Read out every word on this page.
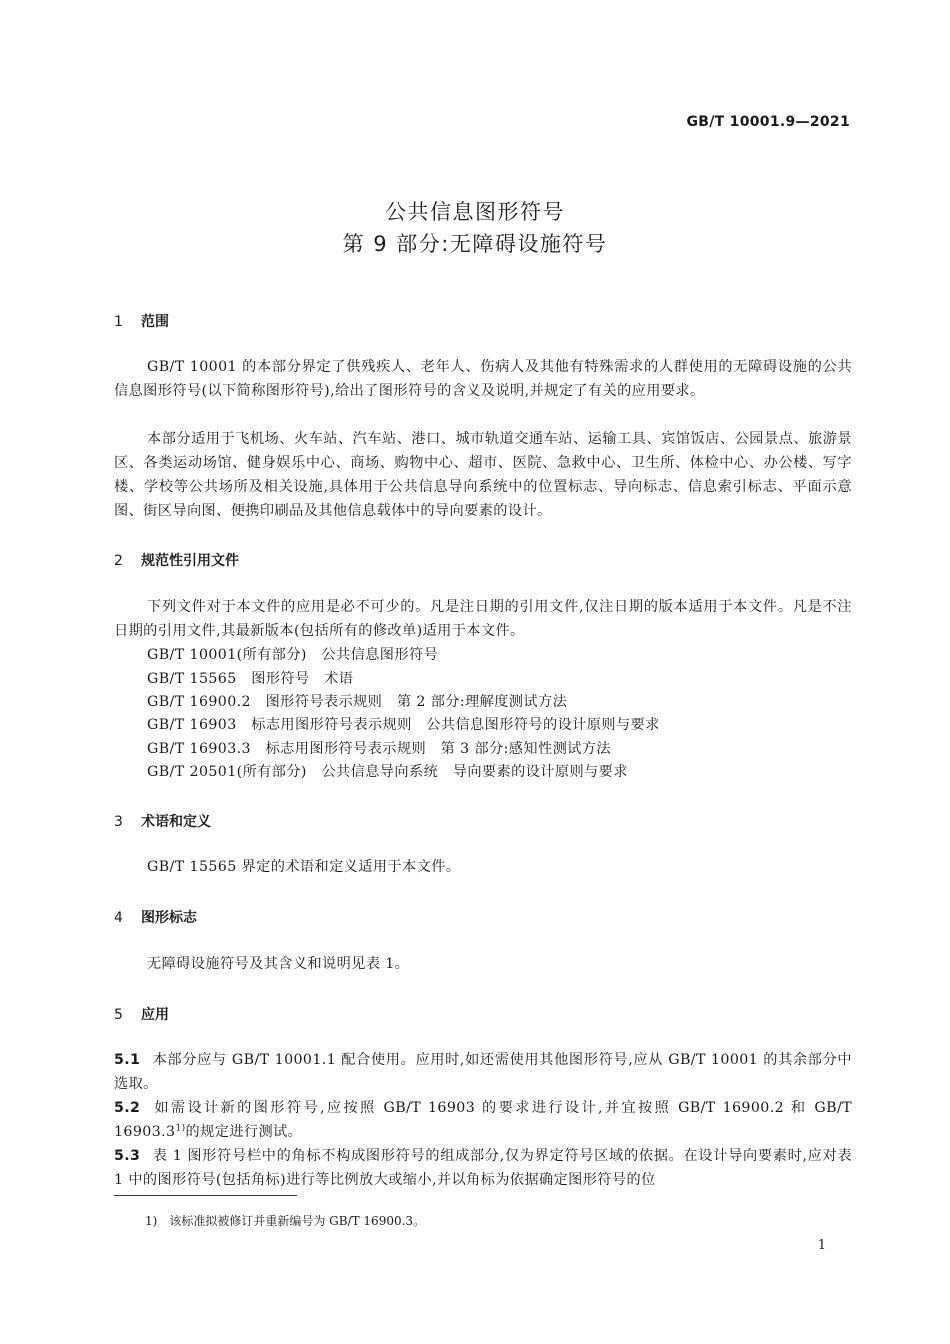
GB/T 10001.9—2021
公共信息图形符号
第 9 部分:无障碍设施符号
1 范围
GB/T 10001 的本部分界定了供残疾人、老年人、伤病人及其他有特殊需求的人群使用的无障碍设施的公共信息图形符号(以下简称图形符号),给出了图形符号的含义及说明,并规定了有关的应用要求。
本部分适用于飞机场、火车站、汽车站、港口、城市轨道交通车站、运输工具、宾馆饭店、公园景点、旅游景区、各类运动场馆、健身娱乐中心、商场、购物中心、超市、医院、急救中心、卫生所、体检中心、办公楼、写字楼、学校等公共场所及相关设施,具体用于公共信息导向系统中的位置标志、导向标志、信息索引标志、平面示意图、街区导向图、便携印刷品及其他信息载体中的导向要素的设计。
2 规范性引用文件
下列文件对于本文件的应用是必不可少的。凡是注日期的引用文件,仅注日期的版本适用于本文件。凡是不注日期的引用文件,其最新版本(包括所有的修改单)适用于本文件。
GB/T 10001(所有部分)　公共信息图形符号
GB/T 15565　图形符号　术语
GB/T 16900.2　图形符号表示规则　第 2 部分:理解度测试方法
GB/T 16903　标志用图形符号表示规则　公共信息图形符号的设计原则与要求
GB/T 16903.3　标志用图形符号表示规则　第 3 部分:感知性测试方法
GB/T 20501(所有部分)　公共信息导向系统　导向要素的设计原则与要求
3 术语和定义
GB/T 15565 界定的术语和定义适用于本文件。
4 图形标志
无障碍设施符号及其含义和说明见表 1。
5 应用
5.1 本部分应与 GB/T 10001.1 配合使用。应用时,如还需使用其他图形符号,应从 GB/T 10001 的其余部分中选取。
5.2 如需设计新的图形符号,应按照 GB/T 16903 的要求进行设计,并宜按照 GB/T 16900.2 和 GB/T 16903.3$^{1)}$的规定进行测试。
5.3 表 1 图形符号栏中的角标不构成图形符号的组成部分,仅为界定符号区域的依据。在设计导向要素时,应对表 1 中的图形符号(包括角标)进行等比例放大或缩小,并以角标为依据确定图形符号的位
1)　 该标准拟被修订并重新编号为 GB/T 16900.3。
1
